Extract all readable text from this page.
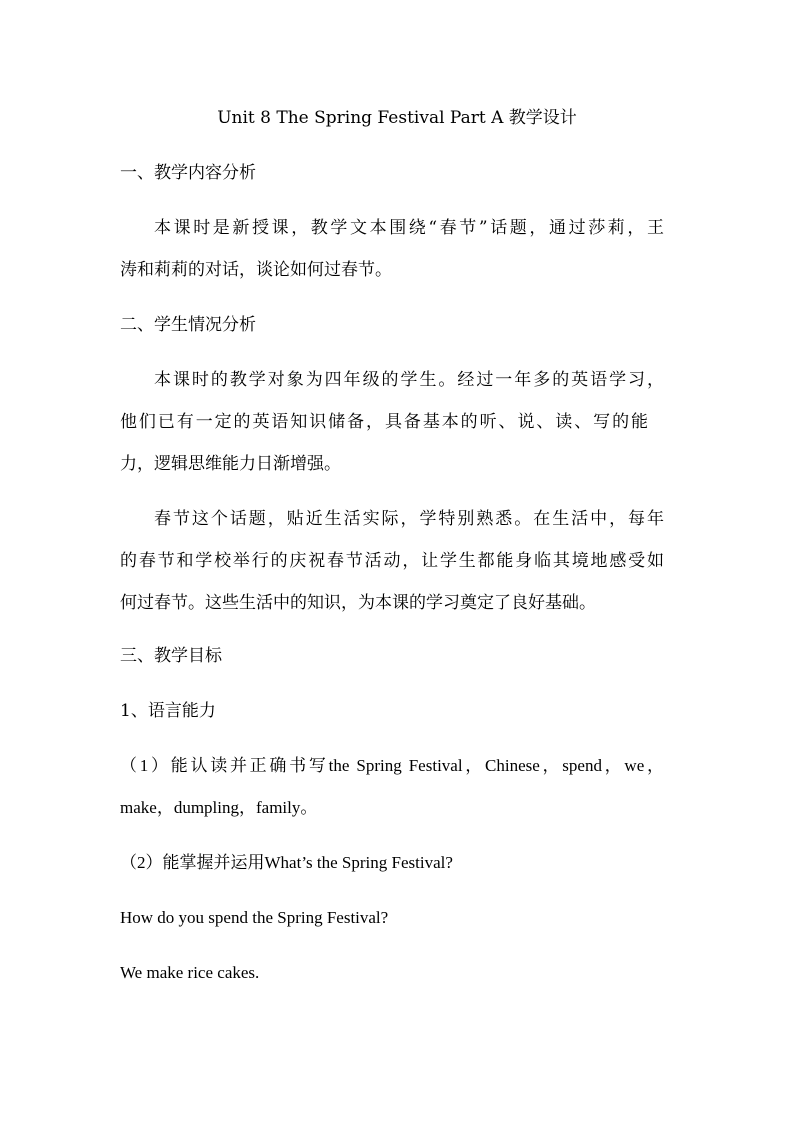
Unit 8 The Spring Festival Part A 教学设计
一、教学内容分析
本课时是新授课，教学文本围绕“春节”话题，通过莎莉，王
涛和莉莉的对话，谈论如何过春节。
二、学生情况分析
本课时的教学对象为四年级的学生。经过一年多的英语学习，
他们已有一定的英语知识储备，具备基本的听、说、读、写的能
力，逻辑思维能力日渐增强。
春节这个话题，贴近生活实际，学特别熟悉。在生活中，每年
的春节和学校举行的庆祝春节活动，让学生都能身临其境地感受如
何过春节。这些生活中的知识，为本课的学习奠定了良好基础。
三、教学目标
1、语言能力
（1）能认读并正确书写the Spring Festival，Chinese，spend，we，
make，dumpling，family。
（2）能掌握并运用What’s the Spring Festival?
How do you spend the Spring Festival?
We make rice cakes.
